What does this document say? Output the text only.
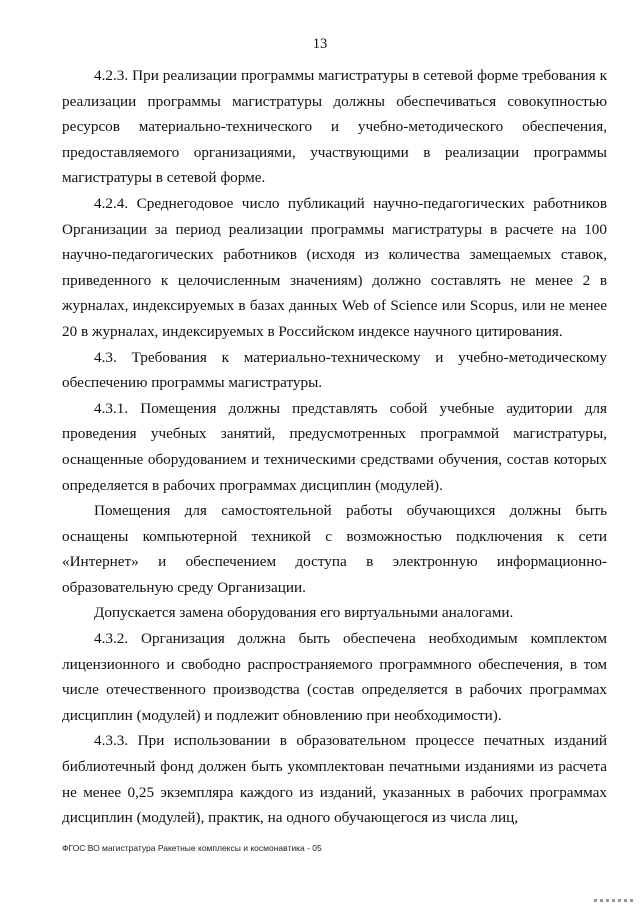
13

4.2.3. При реализации программы магистратуры в сетевой форме требования к реализации программы магистратуры должны обеспечиваться совокупностью ресурсов материально-технического и учебно-методического обеспечения, предоставляемого организациями, участвующими в реализации программы магистратуры в сетевой форме.

4.2.4. Среднегодовое число публикаций научно-педагогических работников Организации за период реализации программы магистратуры в расчете на 100 научно-педагогических работников (исходя из количества замещаемых ставок, приведенного к целочисленным значениям) должно составлять не менее 2 в журналах, индексируемых в базах данных Web of Science или Scopus, или не менее 20 в журналах, индексируемых в Российском индексе научного цитирования.

4.3. Требования к материально-техническому и учебно-методическому обеспечению программы магистратуры.

4.3.1. Помещения должны представлять собой учебные аудитории для проведения учебных занятий, предусмотренных программой магистратуры, оснащенные оборудованием и техническими средствами обучения, состав которых определяется в рабочих программах дисциплин (модулей).

Помещения для самостоятельной работы обучающихся должны быть оснащены компьютерной техникой с возможностью подключения к сети «Интернет» и обеспечением доступа в электронную информационно-образовательную среду Организации.

Допускается замена оборудования его виртуальными аналогами.

4.3.2. Организация должна быть обеспечена необходимым комплектом лицензионного и свободно распространяемого программного обеспечения, в том числе отечественного производства (состав определяется в рабочих программах дисциплин (модулей) и подлежит обновлению при необходимости).

4.3.3. При использовании в образовательном процессе печатных изданий библиотечный фонд должен быть укомплектован печатными изданиями из расчета не менее 0,25 экземпляра каждого из изданий, указанных в рабочих программах дисциплин (модулей), практик, на одного обучающегося из числа лиц,

ФГОС ВО магистратура Ракетные комплексы и космонавтика - 05
